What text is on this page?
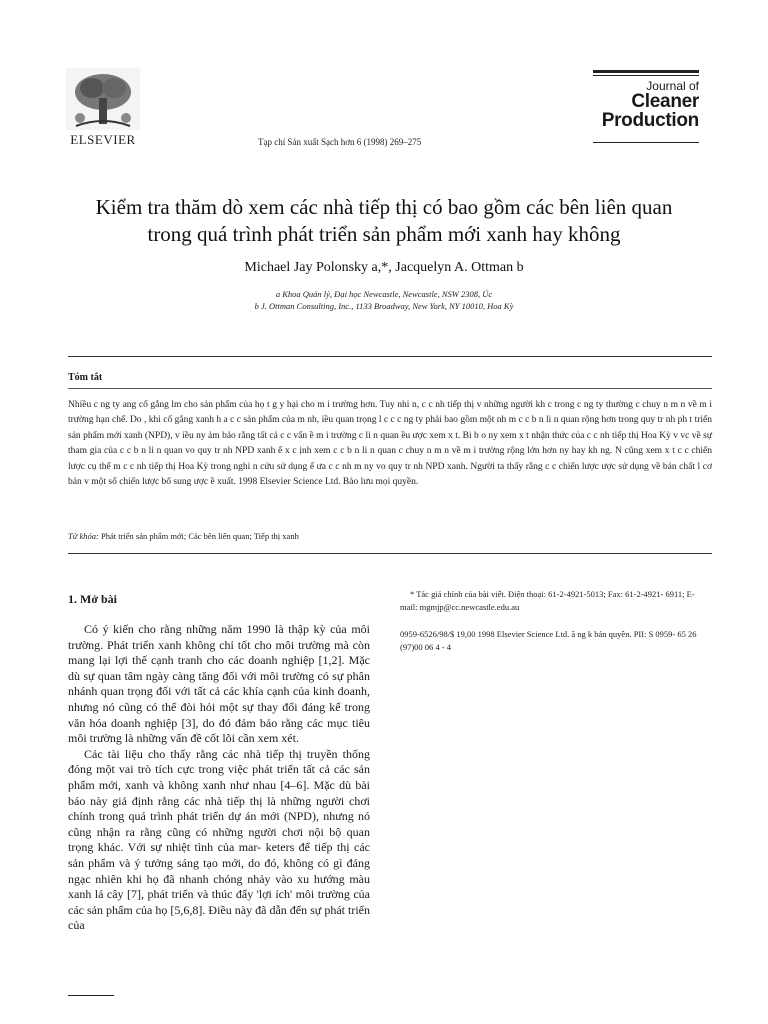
ELSEVIER	Tạp chí Sản xuất Sạch hơn 6 (1998) 269–275
Journal of
Cleaner
Production
Kiểm tra thăm dò xem các nhà tiếp thị có bao gồm các bên liên quan
trong quá trình phát triển sản phẩm mới xanh hay không
Michael Jay Polonsky a,*, Jacquelyn A. Ottman b
a Khoa Quản lý, Đại học Newcastle, Newcastle, NSW 2308, Úc
b J. Ottman Consulting, Inc., 1133 Broadway, New York, NY 10010, Hoa Kỳ
Tóm tắt
Nhiều c ng ty ang cố gắng lm cho sản phẩm của họ t g y hại cho m i trường hơn. Tuy nhi n, c c nh tiếp thị v những người kh c trong c ng ty thường c chuy n m n về m i trường hạn chế. Do , khi cố gắng xanh h a c c sản phẩm của m nh, iều quan trọng l c c c ng ty phải bao gồm một nh m c c b n li n quan rộng hơn trong quy tr nh ph t triển sản phẩm mới xanh (NPD), v iều ny ảm bảo rằng tất cả c c vấn ề m i trường c li n quan ều ược xem x t. Bi b o ny xem x t nhận thức của c c nh tiếp thị Hoa Kỳ v vc về sự tham gia của c c b n li n quan vo quy tr nh NPD xanh ể x c ịnh xem c c b n li n quan c chuy n m n về m i trường rộng lớn hơn ny hay kh ng. N cũng xem x t c c chiến lược cụ thể m c c nh tiếp thị Hoa Kỳ trong nghi n cứu sử dụng ể ưa c c nh m ny vo quy tr nh NPD xanh. Người ta thấy rằng c c chiến lược ược sử dụng về bản chất l cơ bản v một số chiến lược bổ sung ược ề xuất. 1998 Elsevier Science Ltd. Bảo lưu mọi quyền.
Từ khóa: Phát triển sản phẩm mới; Các bên liên quan; Tiếp thị xanh
1. Mở bài

Có ý kiến cho rằng những năm 1990 là thập kỳ của môi trường. Phát triển xanh không chỉ tốt cho môi trường mà còn mang lại lợi thế cạnh tranh cho các doanh nghiệp [1,2]. Mặc dù sự quan tâm ngày càng tăng đối với môi trường có sự phân nhánh quan trọng đối với tất cả các khía cạnh của kinh doanh, nhưng nó cũng có thể đòi hỏi một sự thay đổi đáng kể trong văn hóa doanh nghiệp [3], do đó đảm bảo rằng các mục tiêu môi trường là những vấn đề cốt lõi cần xem xét.

Các tài liệu cho thấy rằng các nhà tiếp thị truyền thống đóng một vai trò tích cực trong việc phát triển tất cả các sản phẩm mới, xanh và không xanh như nhau [4–6]. Mặc dù bài báo này giả định rằng các nhà tiếp thị là những người chơi chính trong quá trình phát triển dự án mới (NPD), nhưng nó cũng nhận ra rằng cũng có những người chơi nội bộ quan trọng khác. Với sự nhiệt tình của mar- keters để tiếp thị các sản phẩm và ý tưởng sáng tạo mới, do đó, không có gì đáng ngạc nhiên khi họ đã nhanh chóng nhảy vào xu hướng màu xanh lá cây [7], phát triển và thúc đẩy 'lợi ích' môi trường của các sản phẩm của họ [5,6,8]. Điều này đã dẫn đến sự phát triển của

* Tác giả chính của bài viết. Điện thoại: 61-2-4921-5013; Fax: 61-2-4921- 6911; E-mail: mgmjp@cc.newcastle.edu.au
0959-6526/98/$ 19,00 1998 Elsevier Science Ltd. ã ng k bản quyền. PII: S 0959- 65 26 (97)00 06 4 - 4
